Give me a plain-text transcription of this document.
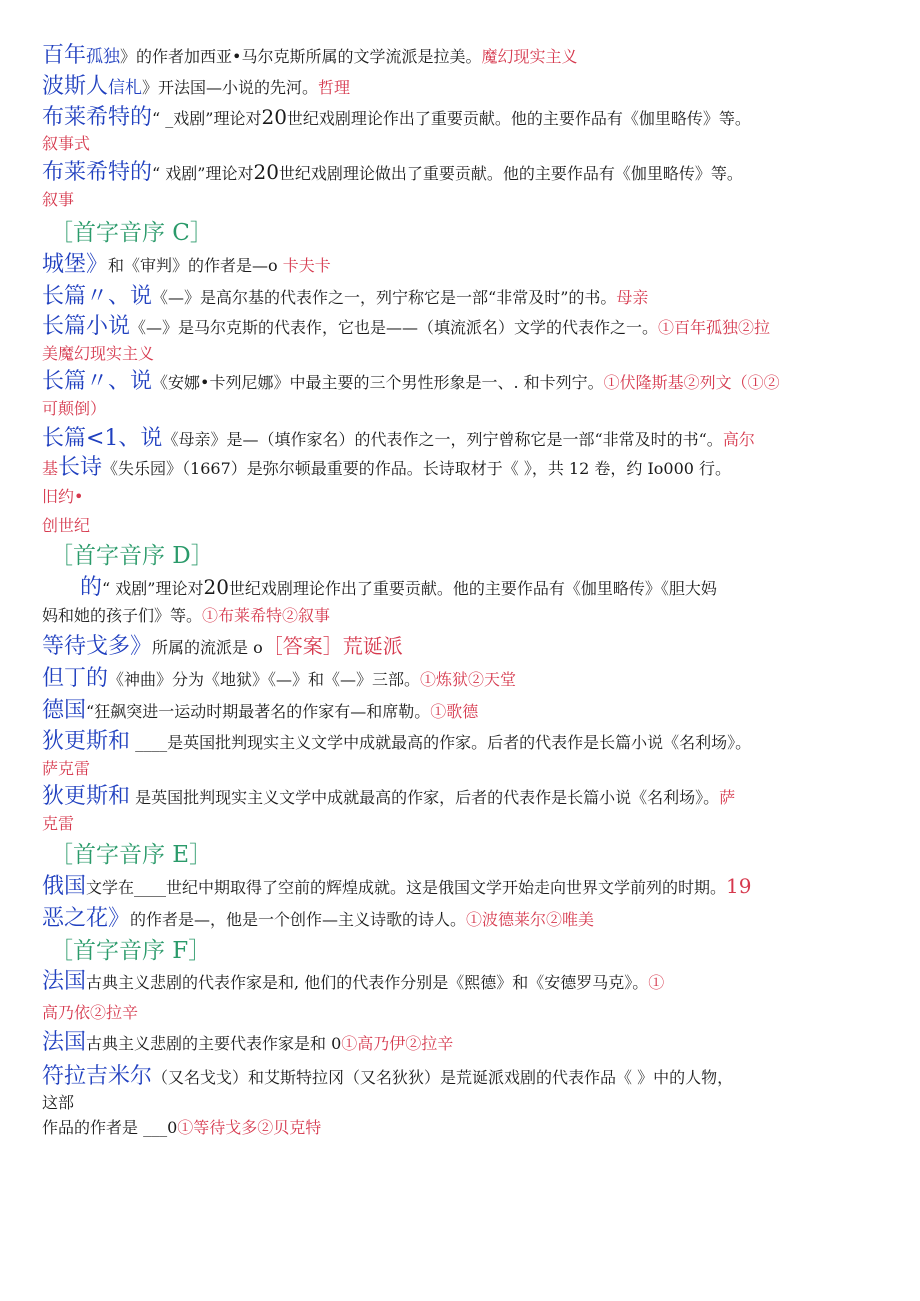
百年孤独》的作者加西亚•马尔克斯所属的文学流派是拉美。魔幻现实主义
波斯人信札》开法国—小说的先河。哲理
布莱希特的“ _戏剧”理论对20世纪戏剧理论作出了重要贡献。他的主要作品有《伽里略传》等。
叙事式
布莱希特的“ 戏剧”理论对20世纪戏剧理论做出了重要贡献。他的主要作品有《伽里略传》等。
叙事
［首字音序 C］
城堡》和《审判》的作者是—o 卡夫卡
长篇〃、说《—》是高尔基的代表作之一，列宁称它是一部“非常及时”的书。母亲
长篇小说《—》是马尔克斯的代表作，它也是——（填流派名）文学的代表作之一。①百年孤独②拉
美魔幻现实主义
长篇〃、说《安娜•卡列尼娜》中最主要的三个男性形象是一、. 和卡列宁。①伏隆斯基②列文（①②
可颠倒）
长篇<1、说《母亲》是—（填作家名）的代表作之一，列宁曾称它是一部“非常及时的书“。高尔
基长诗《失乐园》（1667）是弥尔顿最重要的作品。长诗取材于《 》，共 12 卷，约 Io000 行。
旧约•
创世纪
［首字音序 D］
的“ 戏剧”理论对20世纪戏剧理论作出了重要贡献。他的主要作品有《伽里略传》《胆大妈
妈和她的孩子们》等。①布莱希特②叙事
等待戈多》所属的流派是 o［答案］荒诞派
但丁的《神曲》分为《地狱》《—》和《—》三部。①炼狱②天堂
德国“狂飙突进一运动时期最著名的作家有—和席勒。①歌德
狄更斯和 ____是英国批判现实主义文学中成就最高的作家。后者的代表作是长篇小说《名利场》。
萨克雷
狄更斯和 是英国批判现实主义文学中成就最高的作家，后者的代表作是长篇小说《名利场》。萨
克雷
［首字音序 E］
俄国文学在____世纪中期取得了空前的辉煌成就。这是俄国文学开始走向世界文学前列的时期。19
恶之花》的作者是—，他是一个创作—主义诗歌的诗人。①波德莱尔②唯美
［首字音序 F］
法国古典主义悲剧的代表作家是和, 他们的代表作分别是《熙德》和《安德罗马克》。①
高乃依②拉辛
法国古典主义悲剧的主要代表作家是和 0①高乃伊②拉辛
符拉吉米尔（又名戈戈）和艾斯特拉冈（又名狄狄）是荒诞派戏剧的代表作品《 》中的人物，
这部
作品的作者是 ___0①等待戈多②贝克特
